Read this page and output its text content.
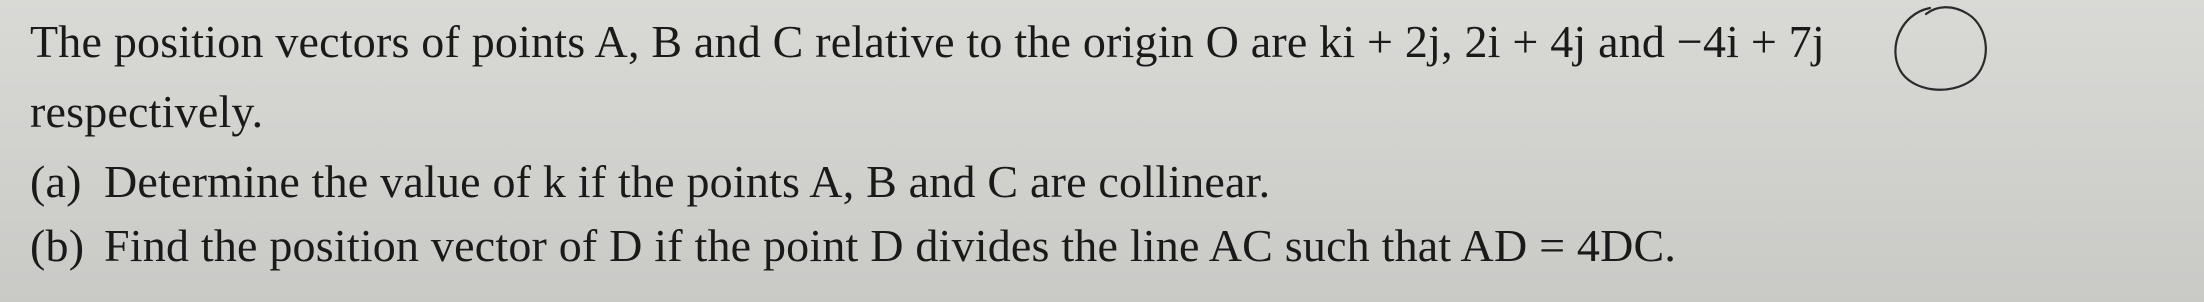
The position vectors of points A, B and C relative to the origin O are ki + 2j, 2i + 4j and −4i + 7j
respectively.
(a) Determine the value of k if the points A, B and C are collinear.
(b) Find the position vector of D if the point D divides the line AC such that AD = 4DC.
